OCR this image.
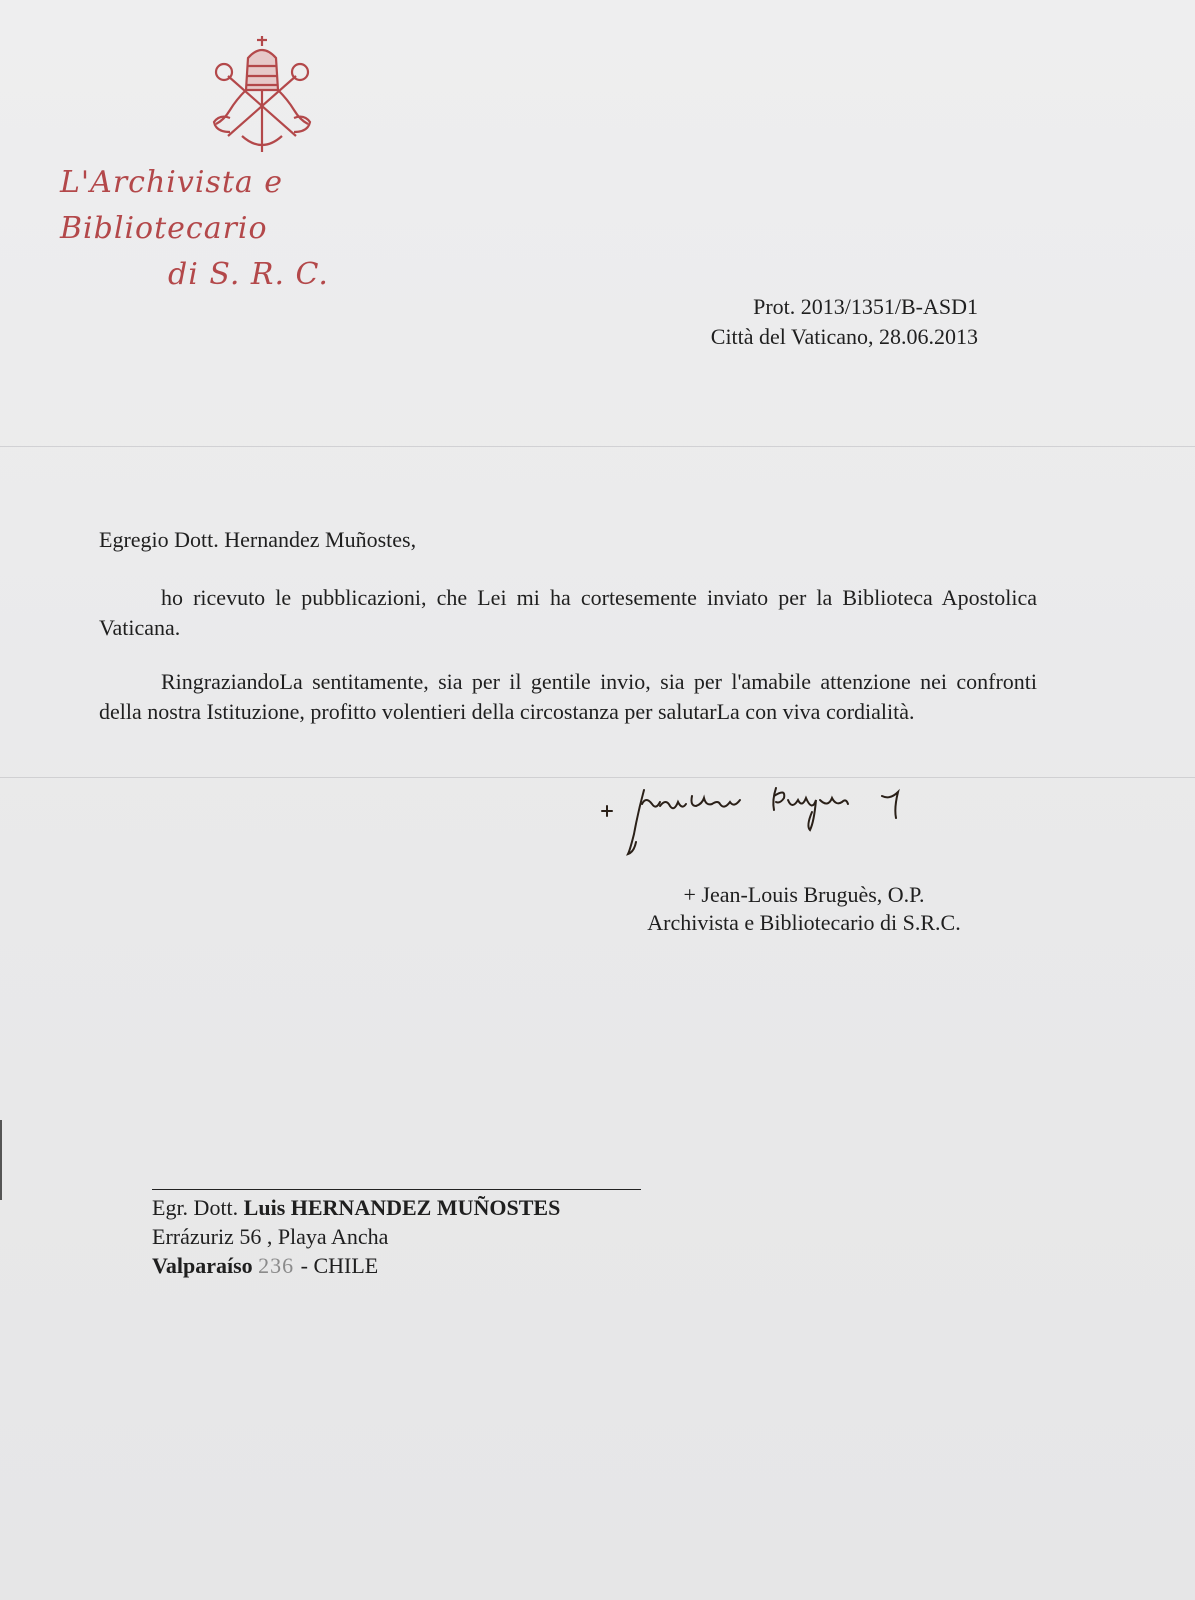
L'Archivista e Bibliotecario
di S. R. C.
Prot. 2013/1351/B-ASD1
Città del Vaticano, 28.06.2013
Egregio Dott. Hernandez Muñostes,
ho ricevuto le pubblicazioni, che Lei mi ha cortesemente inviato per la Biblioteca Apostolica Vaticana.
RingraziandoLa sentitamente, sia per il gentile invio, sia per l'amabile attenzione nei confronti della nostra Istituzione, profitto volentieri della circostanza per salutarLa con viva cordialità.
+ Jean-Louis Bruguès, O.P.
Archivista e Bibliotecario di S.R.C.
Egr. Dott. Luis HERNANDEZ MUÑOSTES
Errázuriz 56 , Playa Ancha
Valparaíso 236 - CHILE
